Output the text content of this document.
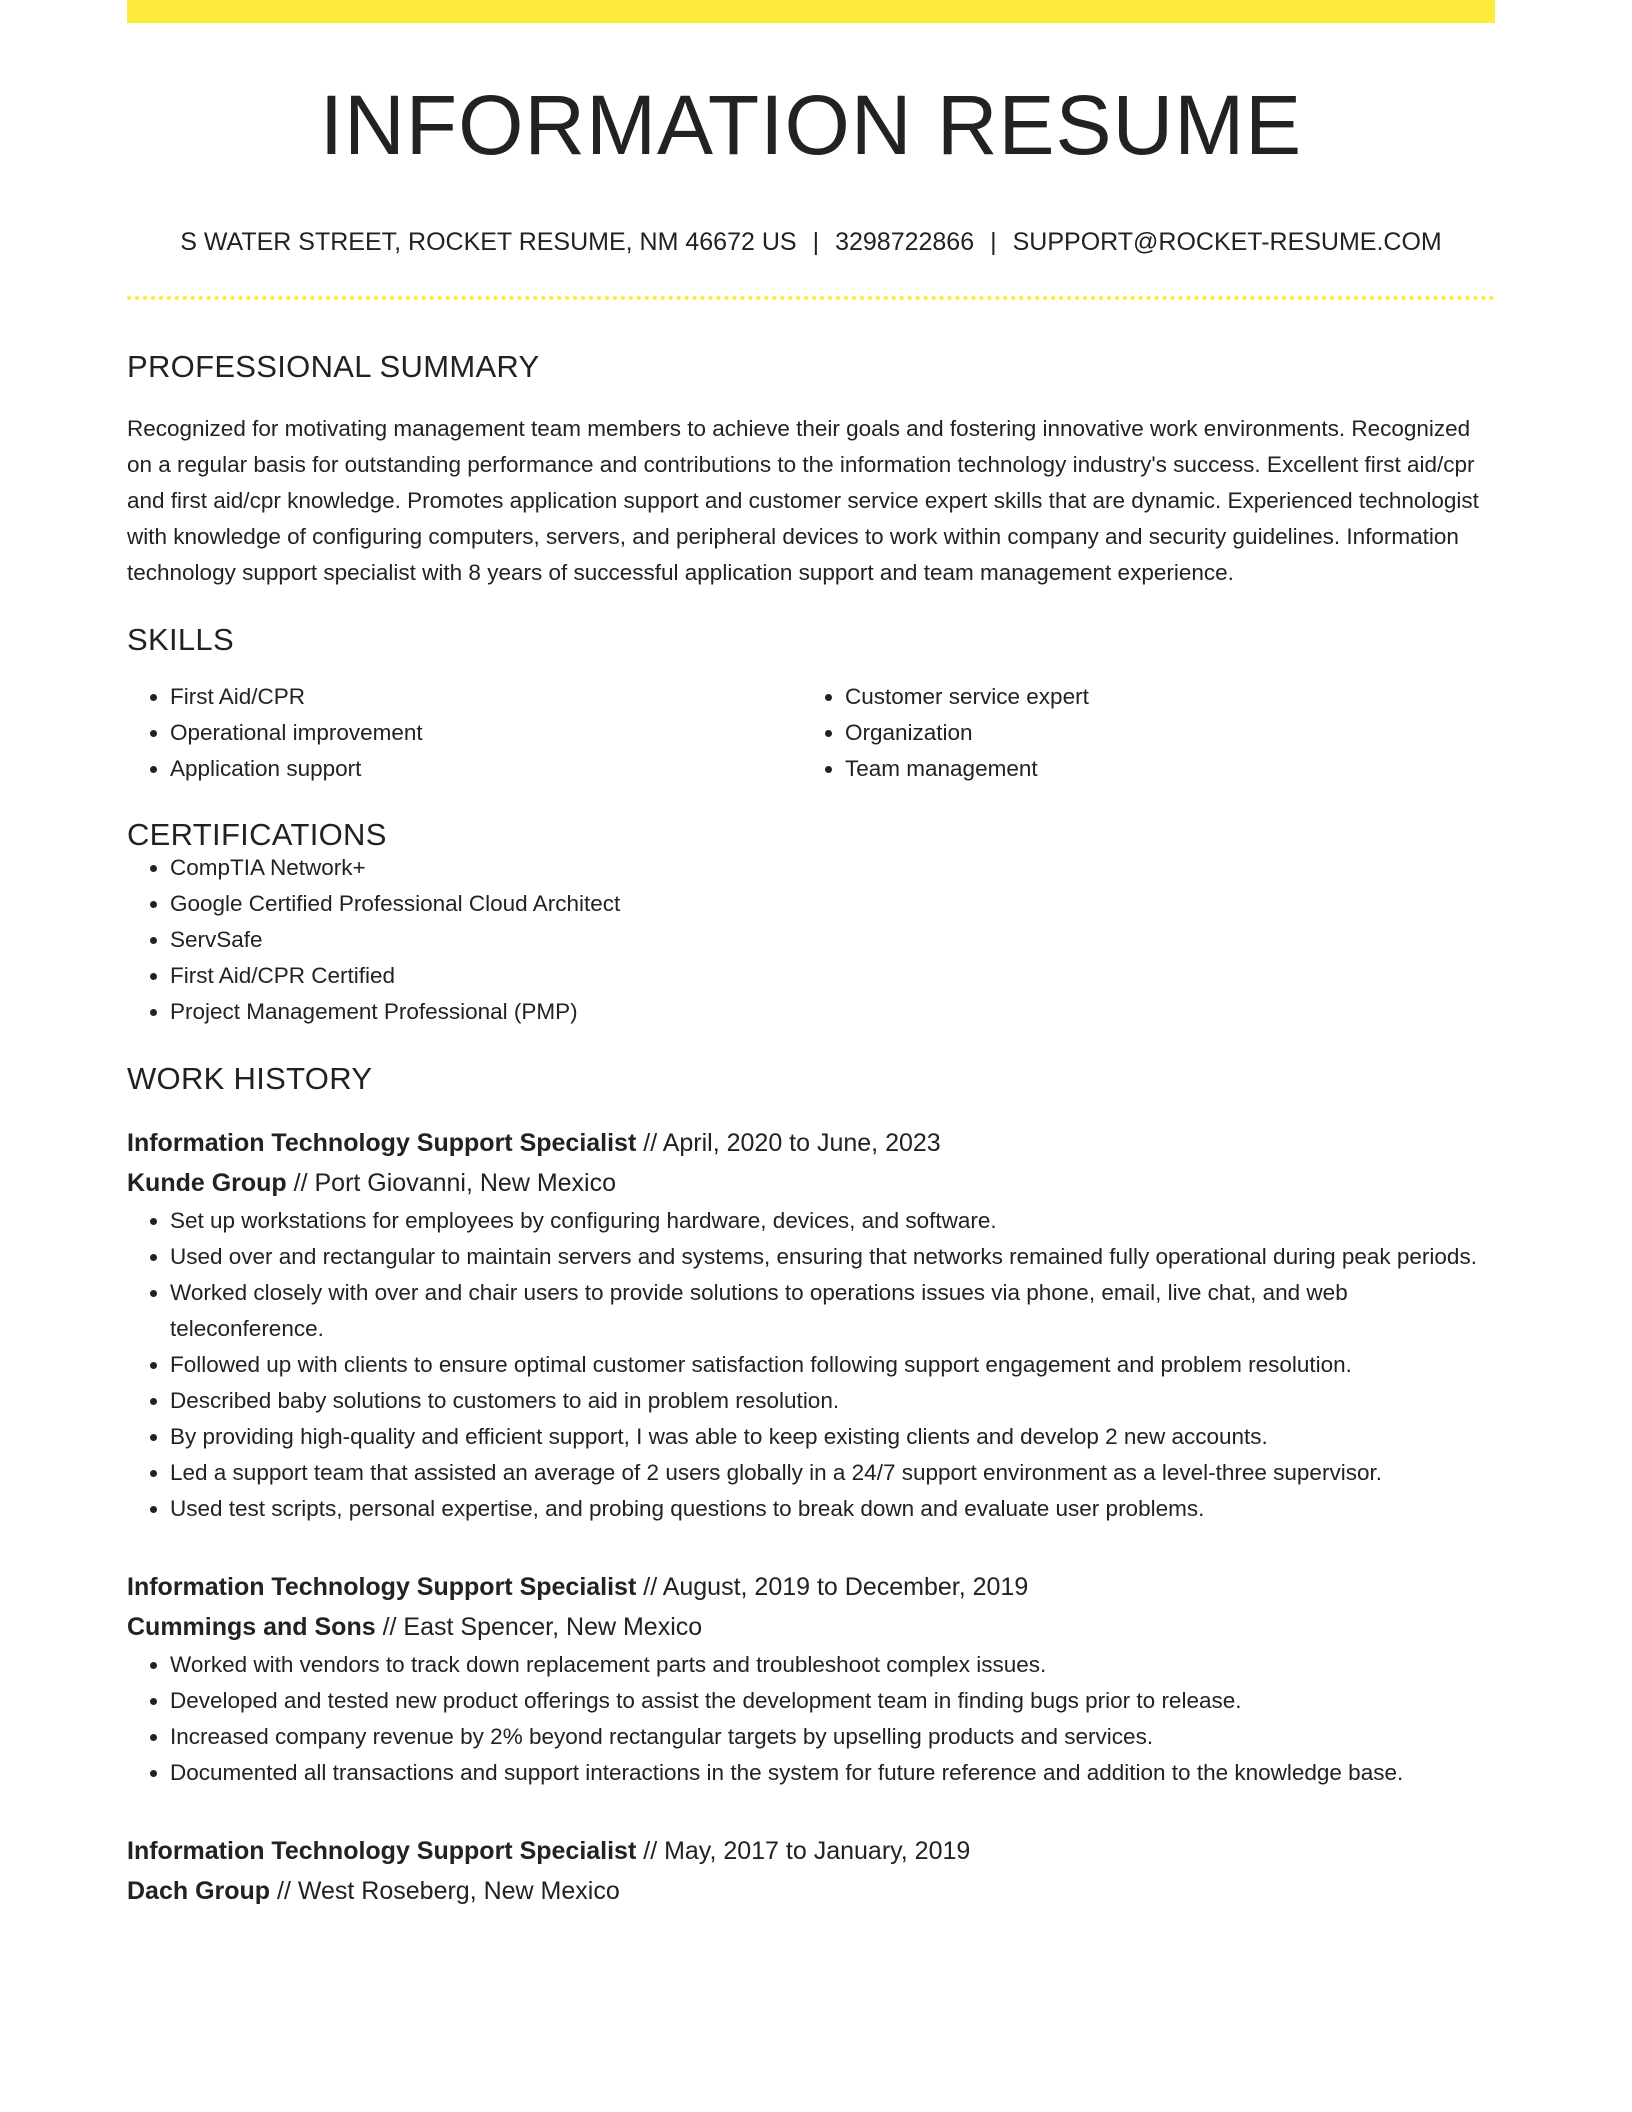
INFORMATION RESUME
S WATER STREET, ROCKET RESUME, NM 46672 US | 3298722866 | SUPPORT@ROCKET-RESUME.COM
PROFESSIONAL SUMMARY
Recognized for motivating management team members to achieve their goals and fostering innovative work environments. Recognized on a regular basis for outstanding performance and contributions to the information technology industry's success. Excellent first aid/cpr and first aid/cpr knowledge. Promotes application support and customer service expert skills that are dynamic. Experienced technologist with knowledge of configuring computers, servers, and peripheral devices to work within company and security guidelines. Information technology support specialist with 8 years of successful application support and team management experience.
SKILLS
• First Aid/CPR
• Operational improvement
• Application support
• Customer service expert
• Organization
• Team management
CERTIFICATIONS
• CompTIA Network+
• Google Certified Professional Cloud Architect
• ServSafe
• First Aid/CPR Certified
• Project Management Professional (PMP)
WORK HISTORY
Information Technology Support Specialist // April, 2020 to June, 2023
Kunde Group // Port Giovanni, New Mexico
• Set up workstations for employees by configuring hardware, devices, and software.
• Used over and rectangular to maintain servers and systems, ensuring that networks remained fully operational during peak periods.
• Worked closely with over and chair users to provide solutions to operations issues via phone, email, live chat, and web teleconference.
• Followed up with clients to ensure optimal customer satisfaction following support engagement and problem resolution.
• Described baby solutions to customers to aid in problem resolution.
• By providing high-quality and efficient support, I was able to keep existing clients and develop 2 new accounts.
• Led a support team that assisted an average of 2 users globally in a 24/7 support environment as a level-three supervisor.
• Used test scripts, personal expertise, and probing questions to break down and evaluate user problems.
Information Technology Support Specialist // August, 2019 to December, 2019
Cummings and Sons // East Spencer, New Mexico
• Worked with vendors to track down replacement parts and troubleshoot complex issues.
• Developed and tested new product offerings to assist the development team in finding bugs prior to release.
• Increased company revenue by 2% beyond rectangular targets by upselling products and services.
• Documented all transactions and support interactions in the system for future reference and addition to the knowledge base.
Information Technology Support Specialist // May, 2017 to January, 2019
Dach Group // West Roseberg, New Mexico
